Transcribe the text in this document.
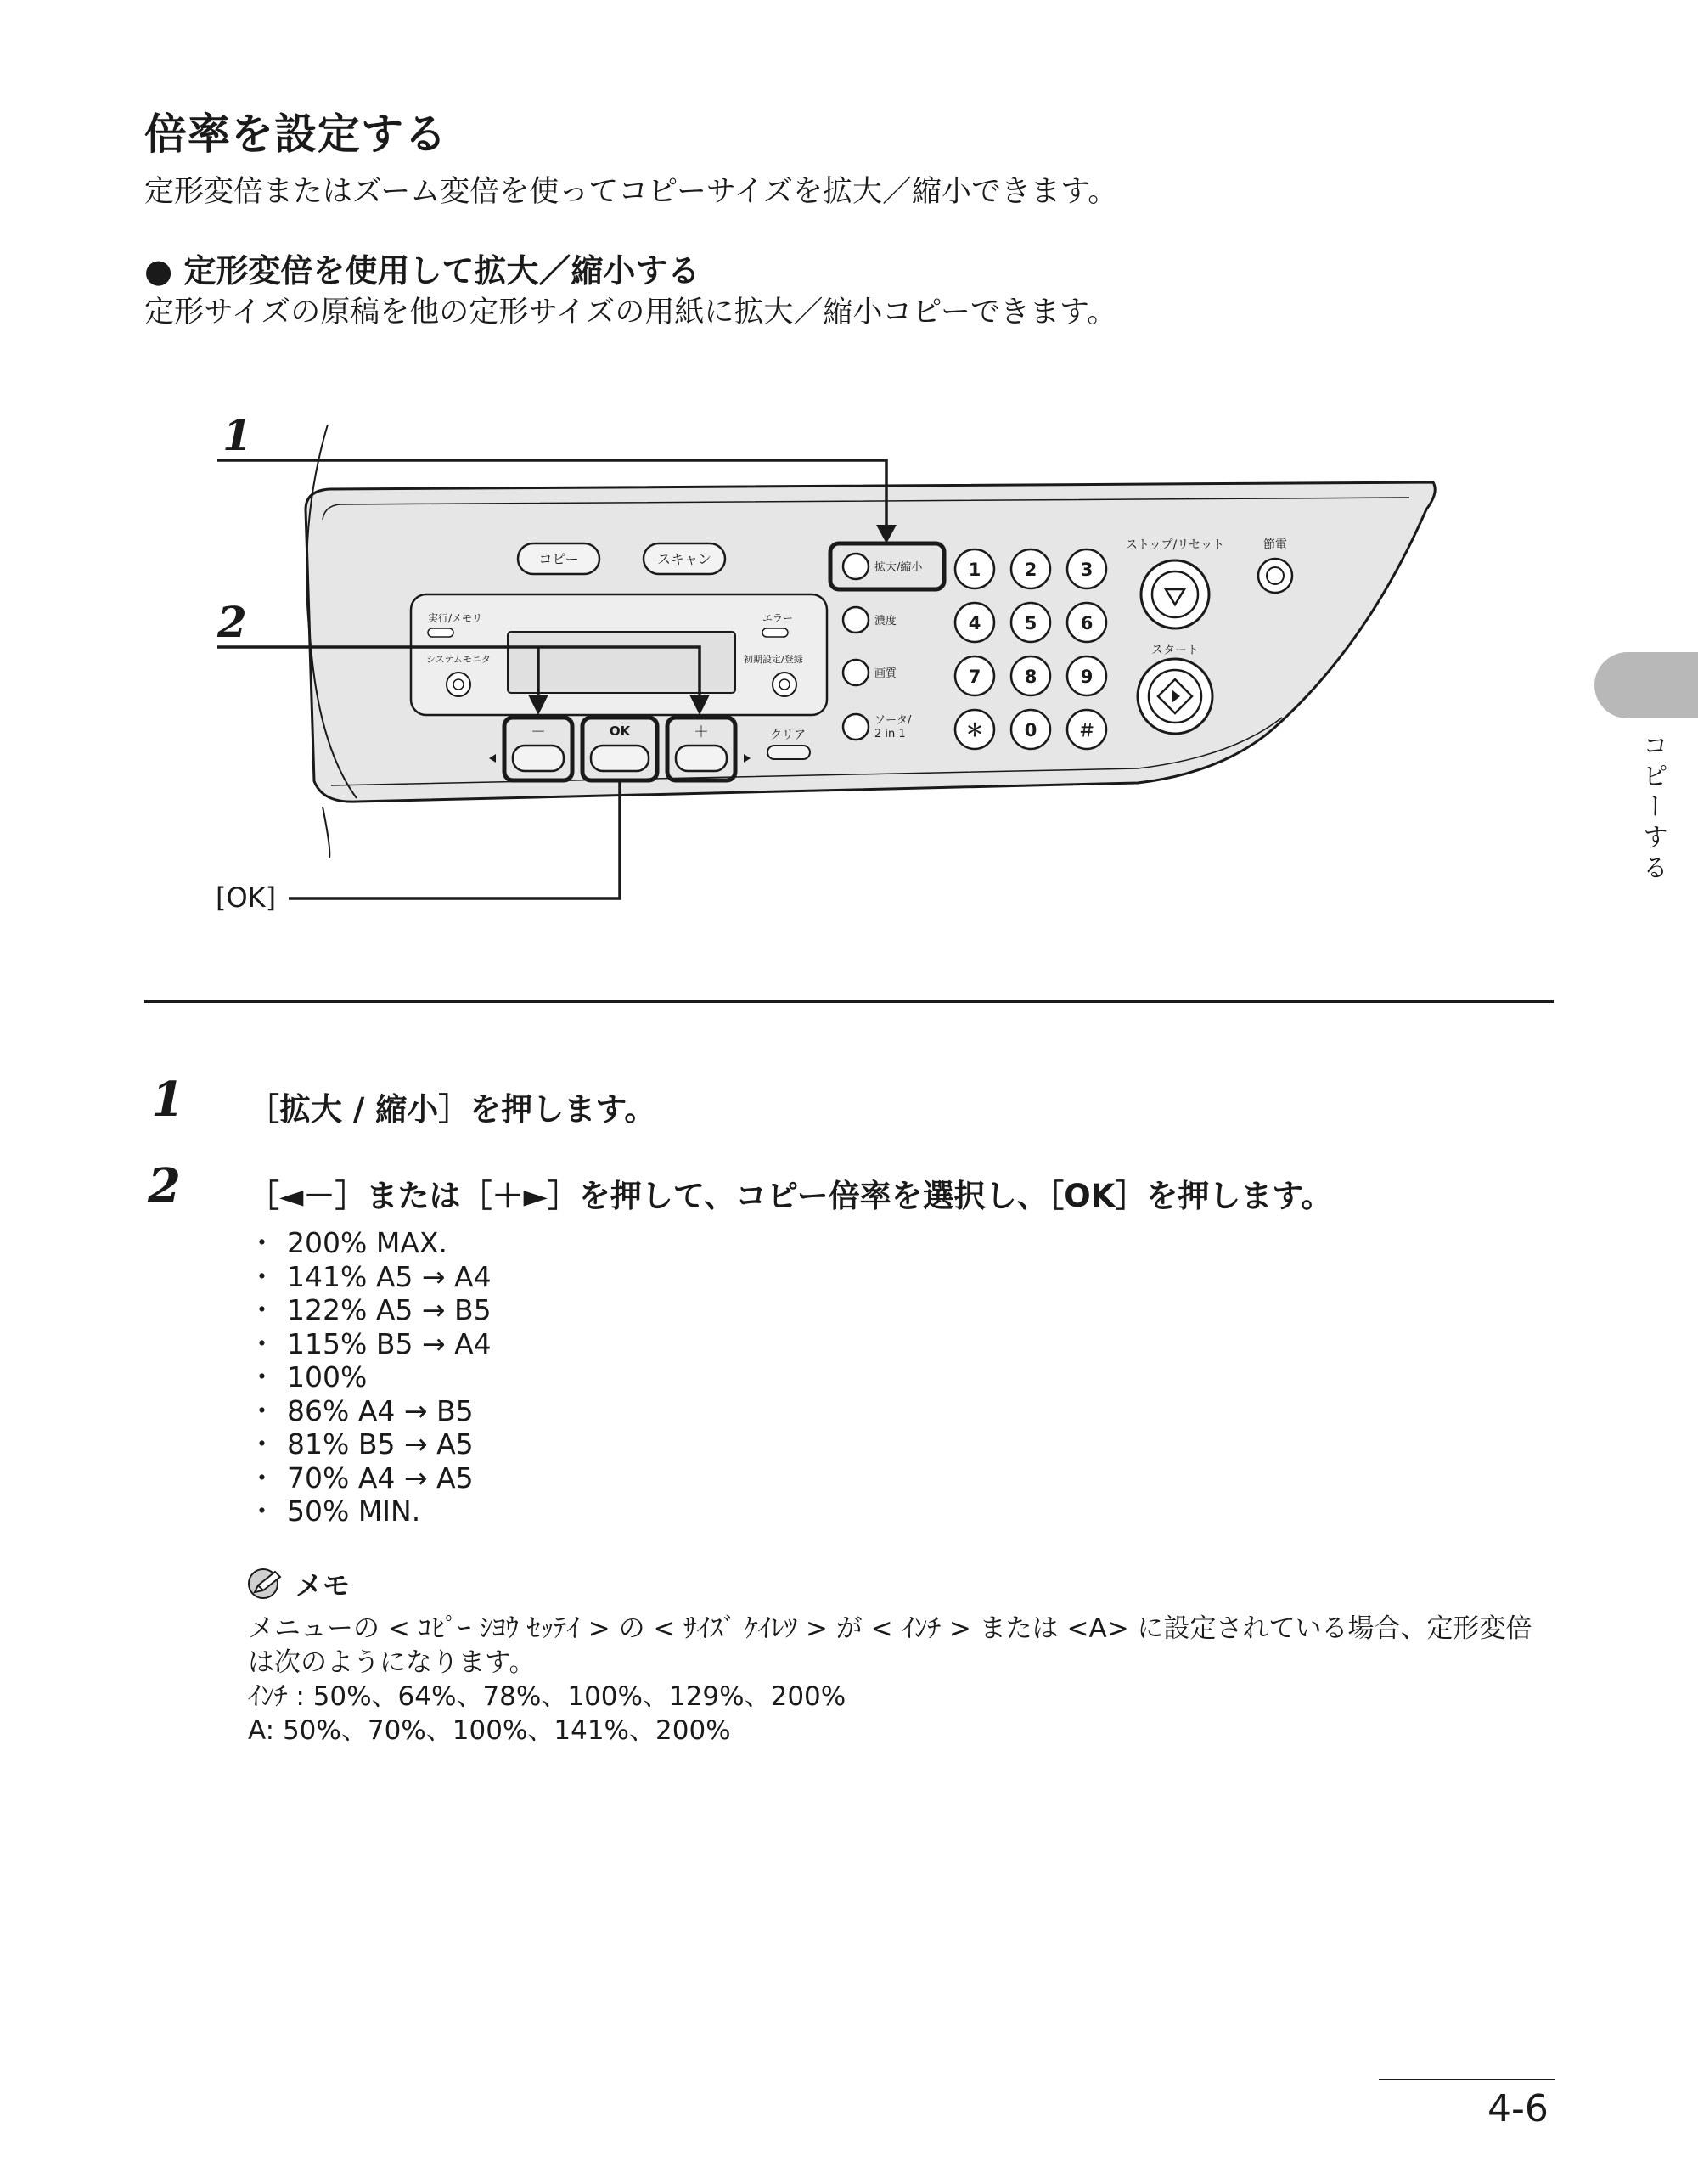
倍率を設定する
定形変倍またはズーム変倍を使ってコピーサイズを拡大／縮小できます。
● 定形変倍を使用して拡大／縮小する
定形サイズの原稿を他の定形サイズの用紙に拡大／縮小コピーできます。
コピー	スキャン
実行/メモリ	エラー
システムモニタ	初期設定/登録
－	OK	＋	クリア
拡大/縮小
濃度
画質
ソータ/
2 in 1
1 2 3
4 5 6
7 8 9
＊ 0 ＃
ストップ/リセット
スタート
節電
1
2
[OK]
1 ［拡大 / 縮小］を押します。
2 ［◄－］または［＋►］を押して、コピー倍率を選択し、［OK］を押します。
・ 200% MAX.
・ 141% A5 → A4
・ 122% A5 → B5
・ 115% B5 → A4
・ 100%
・ 86% A4 → B5
・ 81% B5 → A5
・ 70% A4 → A5
・ 50% MIN.
メモ

メニューの < ｺﾋﾟｰ ｼﾖｳ ｾｯﾃｲ > の < ｻｲｽﾞ ｹｲﾚﾂ > が < ｲﾝﾁ > または <A> に設定されている場合、定形変倍は次のようになります。

ｲﾝﾁ : 50%、64%、78%、100%、129%、200%

A: 50%、70%、100%、141%、200%

コピーする
4-6
